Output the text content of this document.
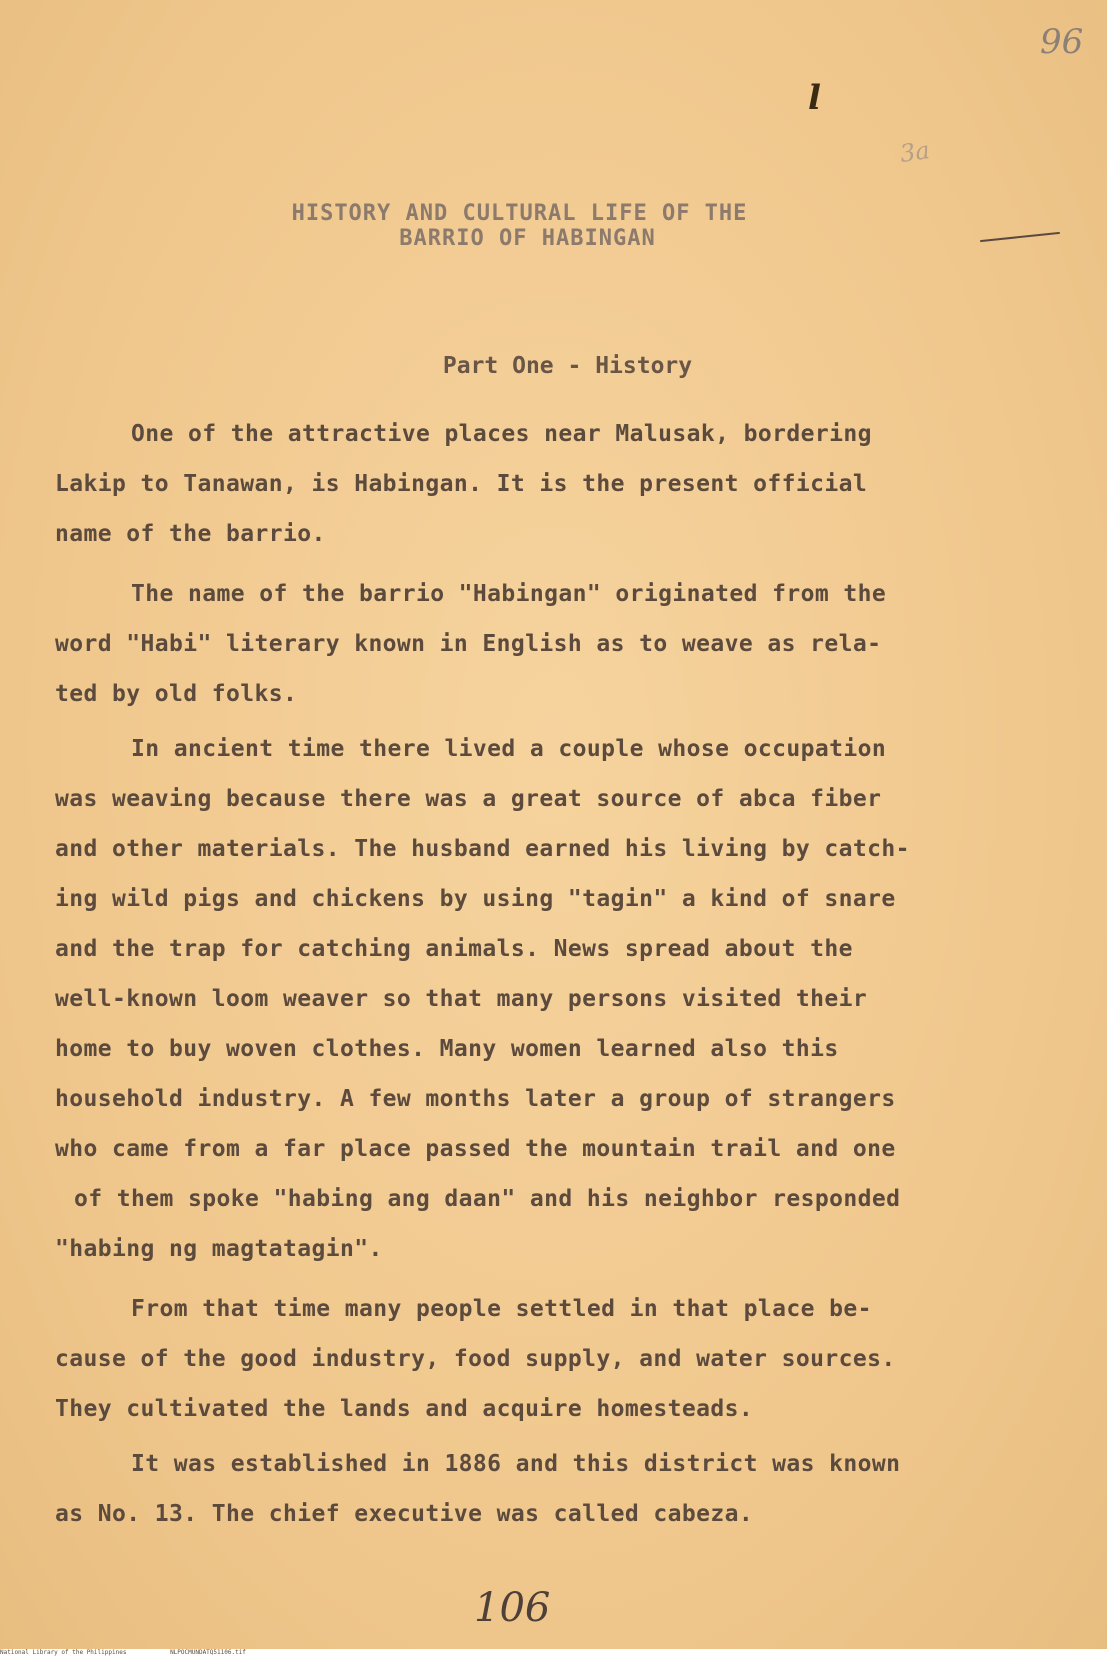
96
l
3a
HISTORY AND CULTURAL LIFE OF THE
BARRIO OF HABINGAN
Part One - History
One of the attractive places near Malusak, bordering
Lakip to Tanawan, is Habingan. It is the present official
name of the barrio.
The name of the barrio "Habingan" originated from the
word "Habi" literary known in English as to weave as rela-
ted by old folks.
In ancient time there lived a couple whose occupation
was weaving because there was a great source of abca fiber
and other materials. The husband earned his living by catch-
ing wild pigs and chickens by using "tagin" a kind of snare
and the trap for catching animals. News spread about the
well-known loom weaver so that many persons visited their
home to buy woven clothes. Many women learned also this
household industry. A few months later a group of strangers
who came from a far place passed the mountain trail and one
of them spoke "habing ang daan" and his neighbor responded
"habing ng magtatagin".
From that time many people settled in that place be-
cause of the good industry, food supply, and water sources.
They cultivated the lands and acquire homesteads.
It was established in 1886 and this district was known
as No. 13. The chief executive was called cabeza.
106
National Library of the Philippines	NLPOCMUNDATQ51106.tif
